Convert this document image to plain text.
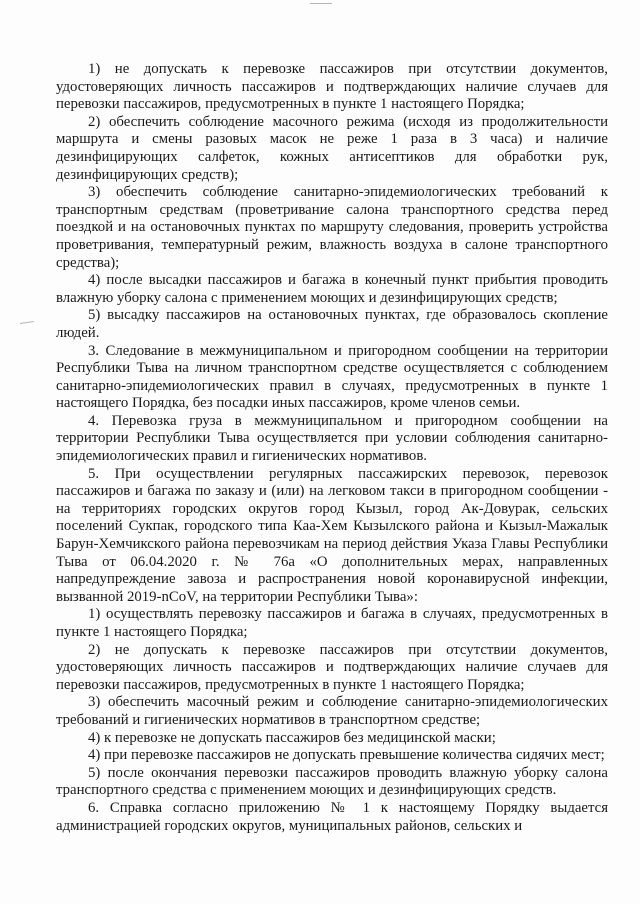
1) не допускать к перевозке пассажиров при отсутствии документов, удостоверяющих личность пассажиров и подтверждающих наличие случаев для перевозки пассажиров, предусмотренных в пункте 1 настоящего Порядка;

2) обеспечить соблюдение масочного режима (исходя из продолжительности маршрута и смены разовых масок не реже 1 раза в 3 часа) и наличие дезинфицирующих салфеток, кожных антисептиков для обработки рук, дезинфицирующих средств);

3) обеспечить соблюдение санитарно-эпидемиологических требований к транспортным средствам (проветривание салона транспортного средства перед поездкой и на остановочных пунктах по маршруту следования, проверить устройства проветривания, температурный режим, влажность воздуха в салоне транспортного средства);

4) после высадки пассажиров и багажа в конечный пункт прибытия проводить влажную уборку салона с применением моющих и дезинфицирующих средств;

5) высадку пассажиров на остановочных пунктах, где образовалось скопление людей.

3. Следование в межмуниципальном и пригородном сообщении на территории Республики Тыва на личном транспортном средстве осуществляется с соблюдением санитарно-эпидемиологических правил в случаях, предусмотренных в пункте 1 настоящего Порядка, без посадки иных пассажиров, кроме членов семьи.

4. Перевозка груза в межмуниципальном и пригородном сообщении на территории Республики Тыва осуществляется при условии соблюдения санитарно-эпидемиологических правил и гигиенических нормативов.

5. При осуществлении регулярных пассажирских перевозок, перевозок пассажиров и багажа по заказу и (или) на легковом такси в пригородном сообщении - на территориях городских округов город Кызыл, город Ак-Довурак, сельских поселений Сукпак, городского типа Каа-Хем Кызылского района и Кызыл-Мажалык Барун-Хемчикского района перевозчикам на период действия Указа Главы Республики Тыва от 06.04.2020 г. № 76а «О дополнительных мерах, направленных напредупреждение завоза и распространения новой коронавирусной инфекции, вызванной 2019-nCoV, на территории Республики Тыва»:

1) осуществлять перевозку пассажиров и багажа в случаях, предусмотренных в пункте 1 настоящего Порядка;

2) не допускать к перевозке пассажиров при отсутствии документов, удостоверяющих личность пассажиров и подтверждающих наличие случаев для перевозки пассажиров, предусмотренных в пункте 1 настоящего Порядка;

3) обеспечить масочный режим и соблюдение санитарно-эпидемиологических требований и гигиенических нормативов в транспортном средстве;

4) к перевозке не допускать пассажиров без медицинской маски;

4) при перевозке пассажиров не допускать превышение количества сидячих мест;

5) после окончания перевозки пассажиров проводить влажную уборку салона транспортного средства с применением моющих и дезинфицирующих средств.

6. Справка согласно приложению № 1 к настоящему Порядку выдается администрацией городских округов, муниципальных районов, сельских и
